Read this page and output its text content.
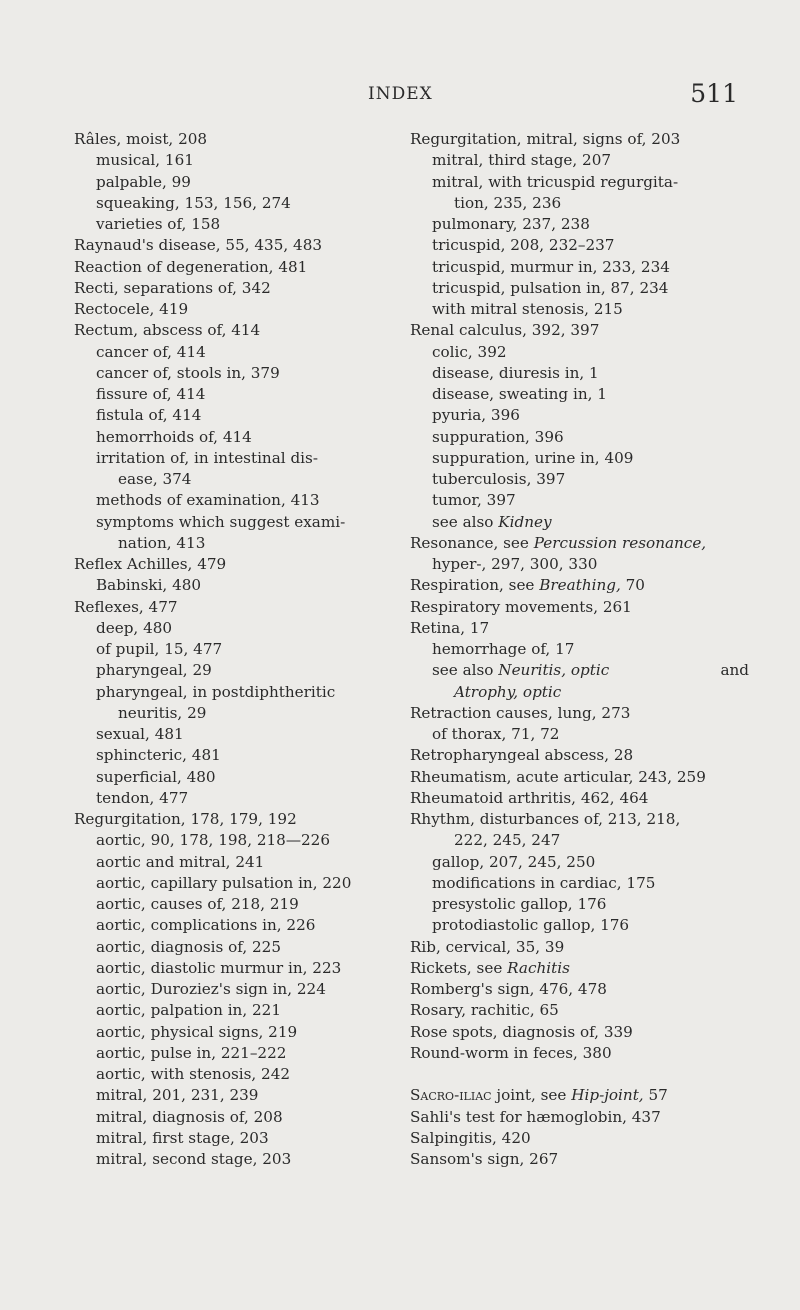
INDEX	511
Râles, moist, 208
musical, 161
palpable, 99
squeaking, 153, 156, 274
varieties of, 158
Raynaud's disease, 55, 435, 483
Reaction of degeneration, 481
Recti, separations of, 342
Rectocele, 419
Rectum, abscess of, 414
cancer of, 414
cancer of, stools in, 379
fissure of, 414
fistula of, 414
hemorrhoids of, 414
irritation of, in intestinal dis-
ease, 374
methods of examination, 413
symptoms which suggest exami-
nation, 413
Reflex Achilles, 479
Babinski, 480
Reflexes, 477
deep, 480
of pupil, 15, 477
pharyngeal, 29
pharyngeal, in postdiphtheritic
neuritis, 29
sexual, 481
sphincteric, 481
superficial, 480
tendon, 477
Regurgitation, 178, 179, 192
aortic, 90, 178, 198, 218—226
aortic and mitral, 241
aortic, capillary pulsation in, 220
aortic, causes of, 218, 219
aortic, complications in, 226
aortic, diagnosis of, 225
aortic, diastolic murmur in, 223
aortic, Duroziez's sign in, 224
aortic, palpation in, 221
aortic, physical signs, 219
aortic, pulse in, 221–222
aortic, with stenosis, 242
mitral, 201, 231, 239
mitral, diagnosis of, 208
mitral, first stage, 203
mitral, second stage, 203
Regurgitation, mitral, signs of, 203
mitral, third stage, 207
mitral, with tricuspid regurgita-
tion, 235, 236
pulmonary, 237, 238
tricuspid, 208, 232–237
tricuspid, murmur in, 233, 234
tricuspid, pulsation in, 87, 234
with mitral stenosis, 215
Renal calculus, 392, 397
colic, 392
disease, diuresis in, 1
disease, sweating in, 1
pyuria, 396
suppuration, 396
suppuration, urine in, 409
tuberculosis, 397
tumor, 397
see also Kidney
Resonance, see Percussion resonance,
hyper-, 297, 300, 330
Respiration, see Breathing, 70
Respiratory movements, 261
Retina, 17
hemorrhage of, 17
see also Neuritis, optic	and
Atrophy, optic
Retraction causes, lung, 273
of thorax, 71, 72
Retropharyngeal abscess, 28
Rheumatism, acute articular, 243, 259
Rheumatoid arthritis, 462, 464
Rhythm, disturbances of, 213, 218,
222, 245, 247
gallop, 207, 245, 250
modifications in cardiac, 175
presystolic gallop, 176
protodiastolic gallop, 176
Rib, cervical, 35, 39
Rickets, see Rachitis
Romberg's sign, 476, 478
Rosary, rachitic, 65
Rose spots, diagnosis of, 339
Round-worm in feces, 380
Sacro-iliac joint, see Hip-joint, 57
Sahli's test for hæmoglobin, 437
Salpingitis, 420
Sansom's sign, 267
